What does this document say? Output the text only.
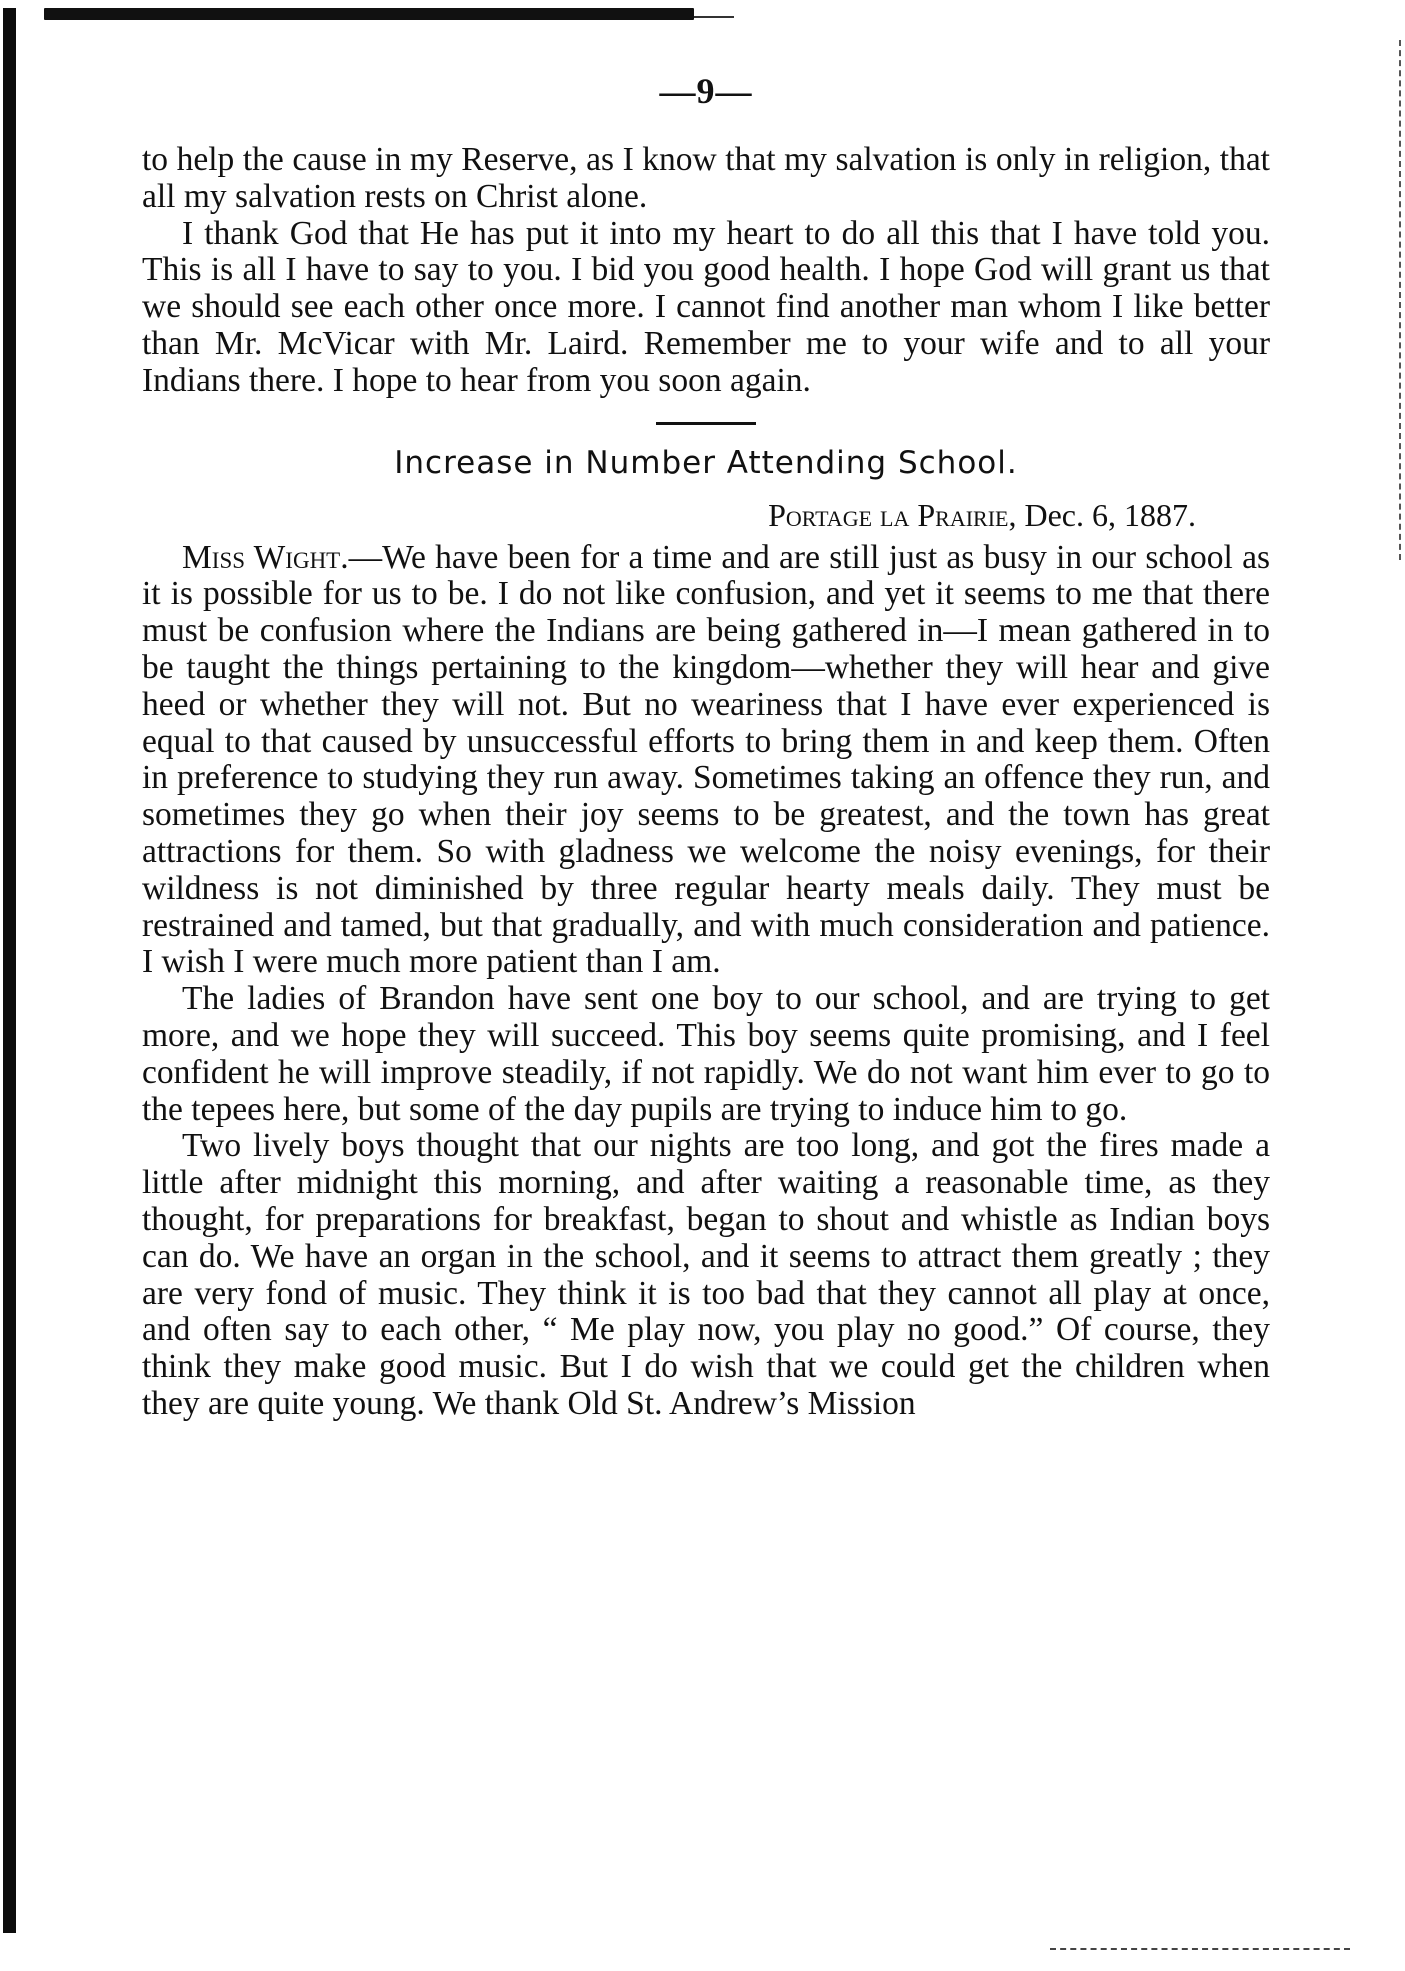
—9—

to help the cause in my Reserve, as I know that my salvation is only in religion, that all my salvation rests on Christ alone.

I thank God that He has put it into my heart to do all this that I have told you. This is all I have to say to you. I bid you good health. I hope God will grant us that we should see each other once more. I cannot find another man whom I like better than Mr. McVicar with Mr. Laird. Remember me to your wife and to all your Indians there. I hope to hear from you soon again.

Increase in Number Attending School.
Portage la Prairie, Dec. 6, 1887.

Miss Wight.—We have been for a time and are still just as busy in our school as it is possible for us to be. I do not like confusion, and yet it seems to me that there must be confusion where the Indians are being gathered in—I mean gathered in to be taught the things pertaining to the kingdom—whether they will hear and give heed or whether they will not. But no weariness that I have ever experienced is equal to that caused by unsuccessful efforts to bring them in and keep them. Often in preference to studying they run away. Sometimes taking an offence they run, and sometimes they go when their joy seems to be greatest, and the town has great attractions for them. So with gladness we welcome the noisy evenings, for their wildness is not diminished by three regular hearty meals daily. They must be restrained and tamed, but that gradually, and with much consideration and patience. I wish I were much more patient than I am.

The ladies of Brandon have sent one boy to our school, and are trying to get more, and we hope they will succeed. This boy seems quite promising, and I feel confident he will improve steadily, if not rapidly. We do not want him ever to go to the tepees here, but some of the day pupils are trying to induce him to go.

Two lively boys thought that our nights are too long, and got the fires made a little after midnight this morning, and after waiting a reasonable time, as they thought, for preparations for breakfast, began to shout and whistle as Indian boys can do. We have an organ in the school, and it seems to attract them greatly ; they are very fond of music. They think it is too bad that they cannot all play at once, and often say to each other, “ Me play now, you play no good.” Of course, they think they make good music. But I do wish that we could get the children when they are quite young. We thank Old St. Andrew’s Mission
